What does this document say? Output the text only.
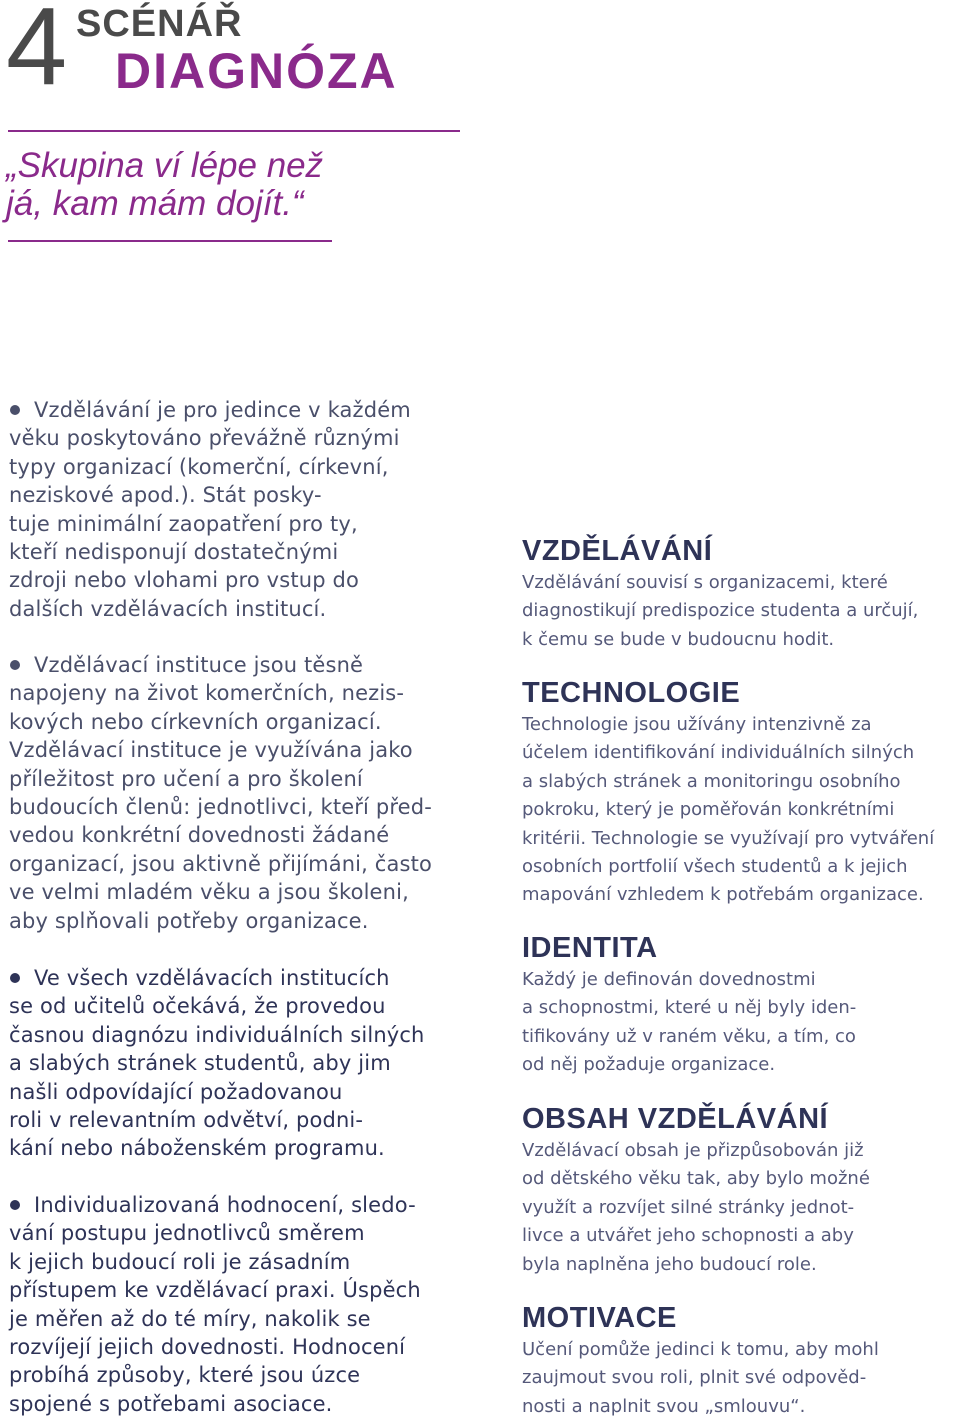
4 SCÉNÁŘ
DIAGNÓZA
„Skupina ví lépe než
já, kam mám dojít.“
Vzdělávání je pro jedince v každém
věku poskytováno převážně různými
typy organizací (komerční, církevní,
neziskové apod.). Stát posky-
tuje minimální zaopatření pro ty,
kteří nedisponují dostatečnými
zdroji nebo vlohami pro vstup do
dalších vzdělávacích institucí.
Vzdělávací instituce jsou těsně
napojeny na život komerčních, nezis-
kových nebo církevních organizací.
Vzdělávací instituce je využívána jako
příležitost pro učení a pro školení
budoucích členů: jednotlivci, kteří před-
vedou konkrétní dovednosti žádané
organizací, jsou aktivně přijímáni, často
ve velmi mladém věku a jsou školeni,
aby splňovali potřeby organizace.
Ve všech vzdělávacích institucích
se od učitelů očekává, že provedou
časnou diagnózu individuálních silných
a slabých stránek studentů, aby jim
našli odpovídající požadovanou
roli v relevantním odvětví, podni-
kání nebo náboženském programu.
Individualizovaná hodnocení, sledo-
vání postupu jednotlivců směrem
k jejich budoucí roli je zásadním
přístupem ke vzdělávací praxi. Úspěch
je měřen až do té míry, nakolik se
rozvíjejí jejich dovednosti. Hodnocení
probíhá způsoby, které jsou úzce
spojené s potřebami asociace.
VZDĚLÁVÁNÍ
Vzdělávání souvisí s organizacemi, které
diagnostikují predispozice studenta a určují,
k čemu se bude v budoucnu hodit.
TECHNOLOGIE
Technologie jsou užívány intenzivně za
účelem identifikování individuálních silných
a slabých stránek a monitoringu osobního
pokroku, který je poměřován konkrétními
kritérii. Technologie se využívají pro vytváření
osobních portfolií všech studentů a k jejich
mapování vzhledem k potřebám organizace.
IDENTITA
Každý je definován dovednostmi
a schopnostmi, které u něj byly iden-
tifikovány už v raném věku, a tím, co
od něj požaduje organizace.
OBSAH VZDĚLÁVÁNÍ
Vzdělávací obsah je přizpůsobován již
od dětského věku tak, aby bylo možné
využít a rozvíjet silné stránky jednot-
livce a utvářet jeho schopnosti a aby
byla naplněna jeho budoucí role.
MOTIVACE
Učení pomůže jedinci k tomu, aby mohl
zaujmout svou roli, plnit své odpověd-
nosti a naplnit svou „smlouvu“.
